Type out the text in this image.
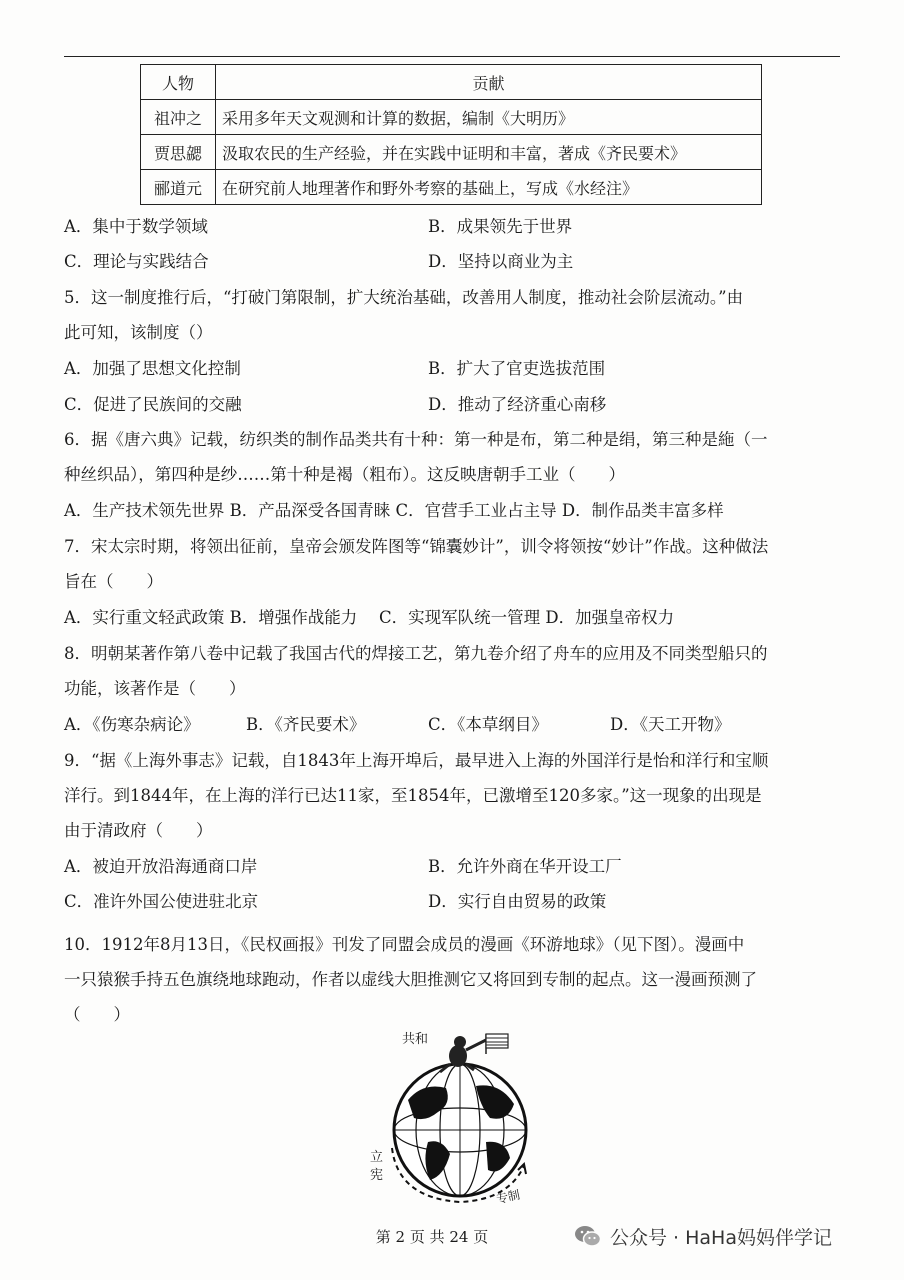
人物	贡献
祖冲之	采用多年天文观测和计算的数据，编制《大明历》
贾思勰	汲取农民的生产经验，并在实践中证明和丰富，著成《齐民要术》
郦道元	在研究前人地理著作和野外考察的基础上，写成《水经注》
A．集中于数学领域	B．成果领先于世界
C．理论与实践结合	D．坚持以商业为主
5．这一制度推行后，“打破门第限制，扩大统治基础，改善用人制度，推动社会阶层流动。”由
此可知，该制度（）
A．加强了思想文化控制	B．扩大了官吏选拔范围
C．促进了民族间的交融	D．推动了经济重心南移
6．据《唐六典》记载，纺织类的制作品类共有十种：第一种是布，第二种是绢，第三种是絁（一
种丝织品），第四种是纱……第十种是褐（粗布）。这反映唐朝手工业（　　）
A．生产技术领先世界 B．产品深受各国青睐 C．官营手工业占主导 D．制作品类丰富多样
7．宋太宗时期，将领出征前，皇帝会颁发阵图等“锦囊妙计”，训令将领按“妙计”作战。这种做法
旨在（　　）
A．实行重文轻武政策 B．增强作战能力　 C．实现军队统一管理 D．加强皇帝权力
8．明朝某著作第八卷中记载了我国古代的焊接工艺，第九卷介绍了舟车的应用及不同类型船只的
功能，该著作是（　　）
A．《伤寒杂病论》	B．《齐民要术》	C．《本草纲目》	D．《天工开物》
9．“据《上海外事志》记载，自1843年上海开埠后，最早进入上海的外国洋行是怡和洋行和宝顺
洋行。到1844年，在上海的洋行已达11家，至1854年，已激增至120多家。”这一现象的出现是
由于清政府（　　）
A．被迫开放沿海通商口岸	B．允许外商在华开设工厂
C．准许外国公使进驻北京	D．实行自由贸易的政策
10．1912年8月13日，《民权画报》刊发了同盟会成员的漫画《环游地球》（见下图）。漫画中
一只猿猴手持五色旗绕地球跑动，作者以虚线大胆推测它又将回到专制的起点。这一漫画预测了
（　　）
共和
立
宪
专制
第 2 页 共 24 页	公众号 · HaHa妈妈伴学记
